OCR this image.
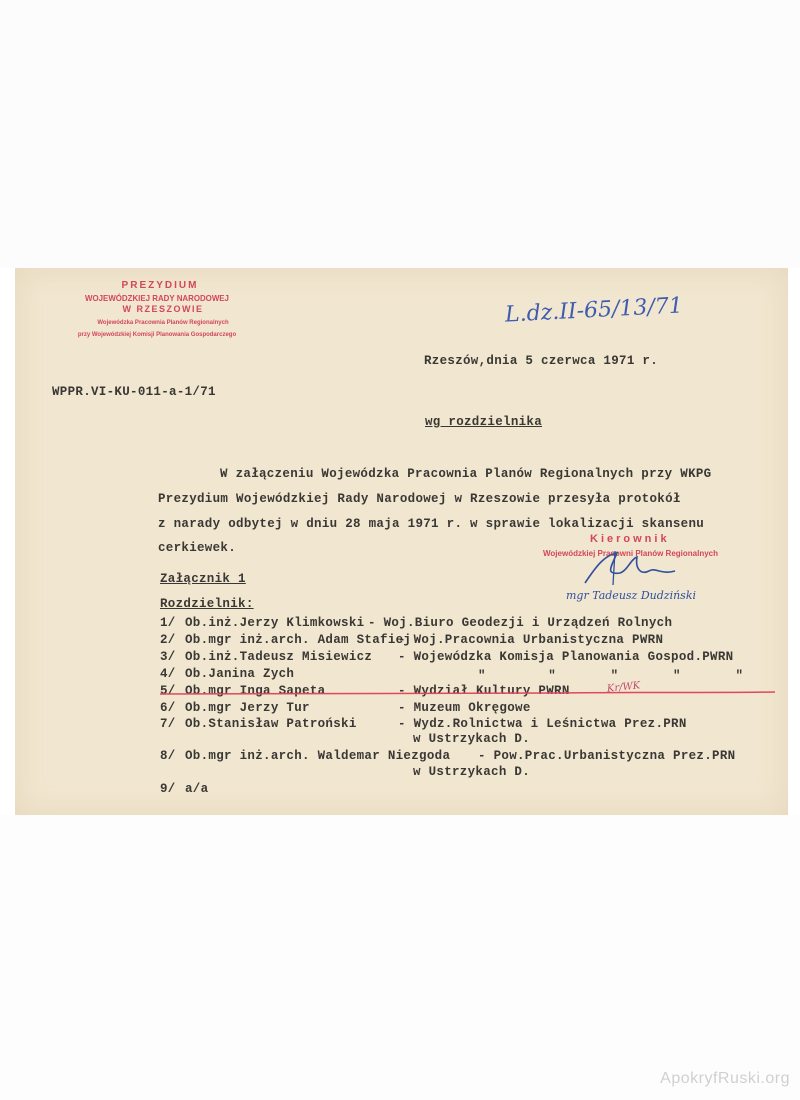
PREZYDIUM
WOJEWÓDZKIEJ RADY NARODOWEJ
W RZESZOWIE
Wojewódzka Pracownia Planów Regionalnych
przy Wojewódzkiej Komisji Planowania Gospodarczego
L.dz.II-65/13/71
WPPR.VI-KU-011-a-1/71
Rzeszów,dnia 5 czerwca 1971 r.
wg rozdzielnika
W załączeniu Wojewódzka Pracownia Planów Regionalnych przy WKPG
Prezydium Wojewódzkiej Rady Narodowej w Rzeszowie przesyła protokół
z narady odbytej w dniu 28 maja 1971 r. w sprawie lokalizacji skansenu
cerkiewek.
Kierownik
Wojewódzkiej Pracowni Planów Regionalnych
mgr Tadeusz Dudziński
Załącznik 1
Rozdzielnik:
1/ Ob.inż.Jerzy Klimkowski - Woj.Biuro Geodezji i Urządzeń Rolnych
2/ Ob.mgr inż.arch. Adam Stafiej
- Woj.Pracownia Urbanistyczna PWRN
3/ Ob.inż.Tadeusz Misiewicz - Wojewódzka Komisja Planowania Gospod.PWRN
4/ Ob.Janina Zych	"        "       "       "       "
5/ Ob.mgr Inga Sapeta	- Wydział Kultury PWRN
6/ Ob.mgr Jerzy Tur	- Muzeum Okręgowe
7/ Ob.Stanisław Patroński	- Wydz.Rolnictwa i Leśnictwa Prez.PRN
w Ustrzykach D.
8/ Ob.mgr inż.arch. Waldemar Niezgoda - Pow.Prac.Urbanistyczna Prez.PRN
w Ustrzykach D.
9/ a/a
Kr/WK
ApokryfRuski.org
